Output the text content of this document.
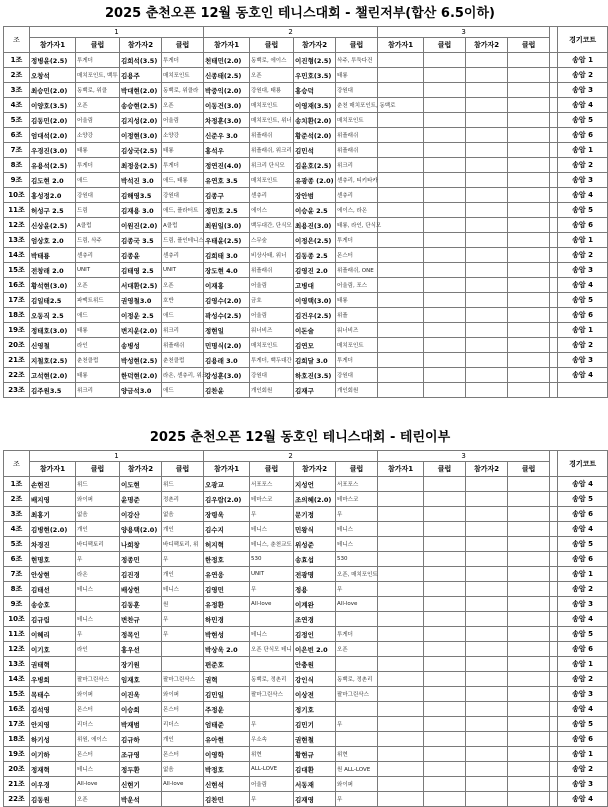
2025 춘천오픈 12월 동호인 테니스대회 - 챌린저부(합산 6.5이하)
조	1				2				3					경기코트
	참가자1	클럽	참가자2	클럽	참가자1	클럽	참가자2	클럽	참가자1	클럽	참가자2	클럽		
1조	정병윤(2.5)	투게더	김희석(3.5)	투게더	천태민(2.0)	동백로, 에이스	이진형(2.5)	삭주, 투둑다건						송암 1
2조	오창석	매치포인트, 백투	김용주	매치포인트	신종태(2.5)	오픈	우민호(3.5)	태룡						송암 2
3조	최승민(2.0)	동백로, 위클	박대현(2.0)	동백로, 위클라	박중익(2.0)	강원대, 태룡	홍승덕	강원대						송암 3
4조	이양호(3.5)	오픈	송승현(2.5)	오픈	이동건(3.0)	매치포인트	이영재(3.5)	춘천 매치포인트, 동백로						송암 4
5조	김동민(2.0)	어울림	김지성(2.0)	어울림	차정훈(3.0)	매치포인트, 위너	송치환(2.0)	매치포인트						송암 5
6조	엄대석(2.0)	소양강	이정현(3.0)	소양강	신준우 3.0	위플래쉬	황준석(2.0)	위플래쉬						송암 6
7조	우경진(3.0)	태룡	김상국(2.5)	태룡	홍석우	위플래쉬, 위크리	김민석	위플래쉬						송암 1
8조	유용석(2.5)	투게더	최정웅(2.5)	투게더	정연진(4.0)	위크리 단식모	김윤호(2.5)	위크리						송암 2
9조	김도현 2.0	애드	박석진 3.0	애드, 태룡	유연호 3.5	매치포인트	유광종 (2.0)	센츄리, 티키타카						송암 3
10조	홍성정2.0	강원대	김해영3.5	강원대	김종구	센츄리	장안범	센츄리						송암 4
11조	허성구 2.5	드림	김재용 3.0	애드, 플라터트	정민호 2.5	에이스	이승윤 2.5	에이스, 라온						송암 5
12조	신상윤(2.5)	A클럽	이원진(2.0)	A클럽	최원일(3.0)	백두대간, 단식모	최용진(3.0)	태룡, 라인, 단식모						송암 6
13조	엄상호 2.0	드림, 삭주	김종국 3.5	드림, 플인테니스	우태윤(2.5)	스무숲	이정은(2.5)	투게더						송암 1
14조	박태룡	센츄리	김종윤	센츄리	김희태 3.0	비상사태, 위너	김동종 2.5	몬스터						송암 2
15조	전창래 2.0	UNIT	김태영 2.5	UNIT	장도현 4.0	위플래쉬	김영진 2.0	위플래쉬, ONE						송암 3
16조	황석현(3.0)	오픈	서대환(2.5)	오픈	이재홍	어울림	고병대	어울림, 포스						송암 4
17조	김일태2.5	파맥트위드	권영철3.0	호반	김영수(2.0)	금호	이영택(3.0)	태룡						송암 5
18조	오동직 2.5	애드	이정운 2.5	애드	곽성수(2.5)	어울림	김건우(2.5)	위플						송암 6
19조	정태호(3.0)	태룡	변지운(2.0)	위크리	정현일	워너비즈	이돈술	워너비즈						송암 1
20조	신영철	라인	송병성	위플래쉬	민명식(2.0)	매치포인트	김연모	매치포인트						송암 2
21조	지철호(2.5)	춘천클럽	박성현(2.5)	춘천클럽	김용래 3.0	투게더, 백두대간	김희달 3.0	투게더						송암 3
22조	고석현(2.0)	태룡	한덕현(2.0)	라온, 센츄리, 위크	강성훈(3.0)	강원대	하호진(3.5)	강원대						송암 4
23조	김주원3.5	위크리	양금석3.0	애드	김찬윤	개인회원	김재구	개인회원						
2025 춘천오픈 12월 동호인 테니스대회 - 테린이부
조	1				2				3					경기코트
	참가자1	클럽	참가자2	클럽	참가자1	클럽	참가자2	클럽	참가자1	클럽	참가자2	클럽		
1조	손현진	위드	이도현	위드	오광교	서포포스	지성언	서포포스						송암 4
2조	배지영	와이퍼	윤명준	정촌리	김우람(2.0)	테마스코	조의혜(2.0)	테마스코						송암 5
3조	최홍기	없음	이강산	없음	장령욱	무	문기정	무						송암 6
4조	김병현(2.0)	개인	양용택(2.0)	개인	김수지	테니스	민왕식	테니스						송암 4
5조	차경진	바디팩토리	나희창	바디팩토리, 위	허지혁	테니스, 춘천교도	위성준	테니스						송암 5
6조	현명호	무	정종민	무	한정호	530	송효섭	530						송암 6
7조	안상현	라온	김진경	개인	유연웅	UNIT	전광명	오픈, 매치포인트						송암 1
8조	김태선	테니스	배상헌	테니스	김영민	무	정용	무						송암 2
9조	송승호		김동훈	원	유정환	All-love	이계완	All-love						송암 3
10조	김규림	테니스	변찬규	무	하민경		조연경							송암 4
11조	이혜리	무	정목인	무	박현성	테니스	김정인	투게더						송암 5
12조	이기호	라인	홍우선		박상욱 2.0	오픈 단식모 테니	이은빈 2.0	오픈						송암 6
13조	권태혁		장기원		편준호		안충원							송암 1
14조	우병희	팔마그린삭스	임재호	팔마그린삭스	권혁	동백로, 정촌리	강인식	동백로, 정촌리						송암 2
15조	목태수	와이퍼	이진욱	와이퍼	김민일	팔마그린삭스	이상전	팔마그린삭스						송암 3
16조	김석영	몬스터	이승희	몬스터	주정운		정기호							송암 4
17조	안지영	리더스	박재범	리더스	엄태준	무	김민기	무						송암 5
18조	하기성	위원, 에이스	김규하	개인	유아현	우소속	권현철							송암 6
19조	이기하	몬스터	조규영	몬스터	이영학	위현	황현규	위현						송암 1
20조	정재혁	테니스	정두환	없음	박정호	ALL-LOVE	김대환	원 ALL-LOVE						송암 2
21조	이우경	All-love	신현기	All-love	신현석	어울림	서동재	와이퍼						송암 3
22조	김동원	오픈	박운석		김찬민	무	김재영	무						송암 4
